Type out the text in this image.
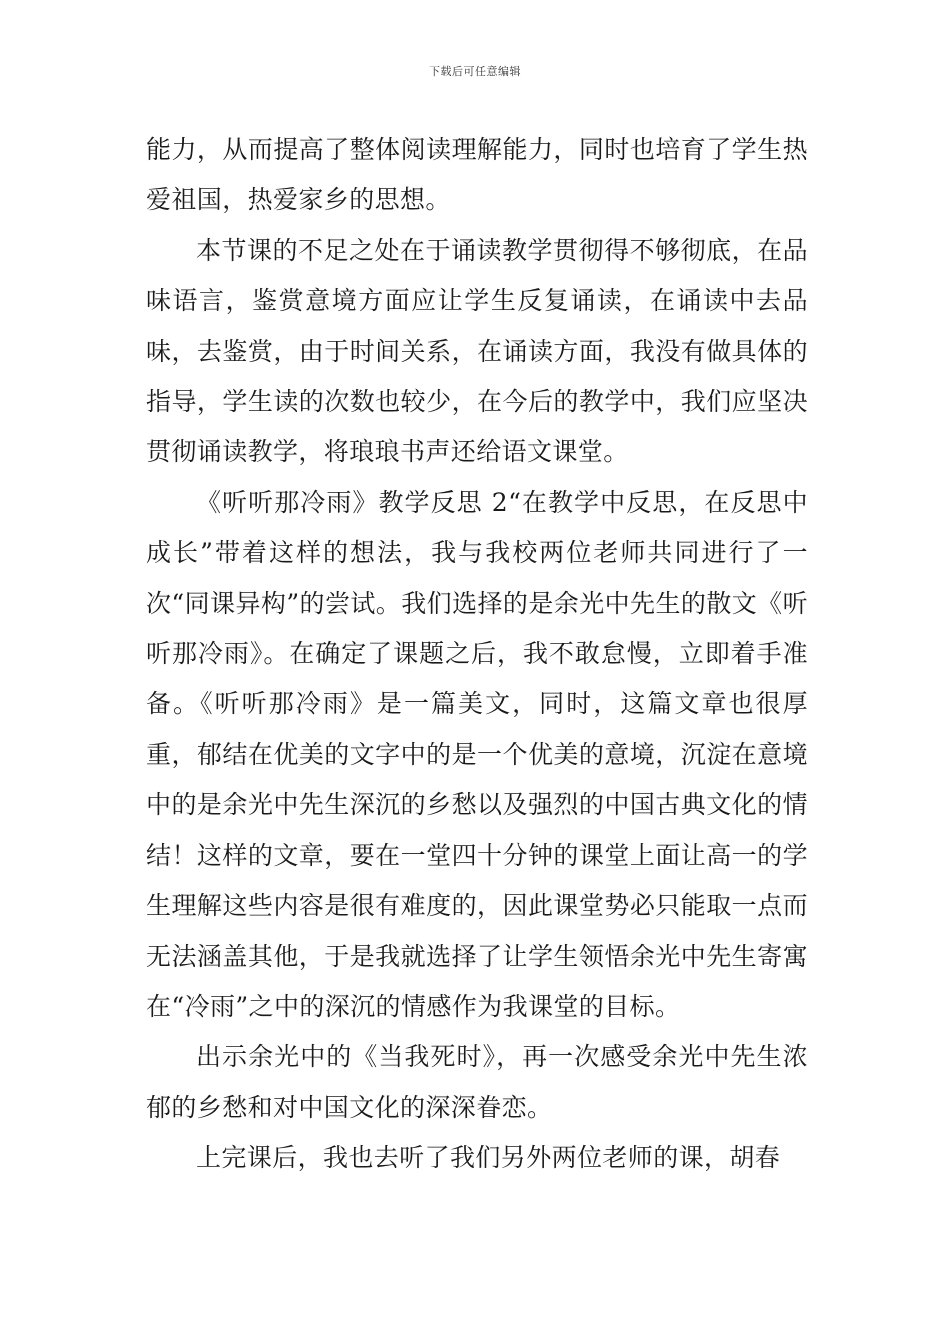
下载后可任意编辑

能力，从而提高了整体阅读理解能力，同时也培育了学生热爱祖国，热爱家乡的思想。

本节课的不足之处在于诵读教学贯彻得不够彻底，在品味语言，鉴赏意境方面应让学生反复诵读，在诵读中去品味，去鉴赏，由于时间关系，在诵读方面，我没有做具体的指导，学生读的次数也较少，在今后的教学中，我们应坚决贯彻诵读教学，将琅琅书声还给语文课堂。

《听听那冷雨》教学反思 2“在教学中反思，在反思中成长”带着这样的想法，我与我校两位老师共同进行了一次“同课异构”的尝试。我们选择的是余光中先生的散文《听听那冷雨》。在确定了课题之后，我不敢怠慢，立即着手准备。《听听那冷雨》是一篇美文，同时，这篇文章也很厚重，郁结在优美的文字中的是一个优美的意境，沉淀在意境中的是余光中先生深沉的乡愁以及强烈的中国古典文化的情结！这样的文章，要在一堂四十分钟的课堂上面让高一的学生理解这些内容是很有难度的，因此课堂势必只能取一点而无法涵盖其他，于是我就选择了让学生领悟余光中先生寄寓在“冷雨”之中的深沉的情感作为我课堂的目标。

出示余光中的《当我死时》，再一次感受余光中先生浓郁的乡愁和对中国文化的深深眷恋。

上完课后，我也去听了我们另外两位老师的课，胡春
